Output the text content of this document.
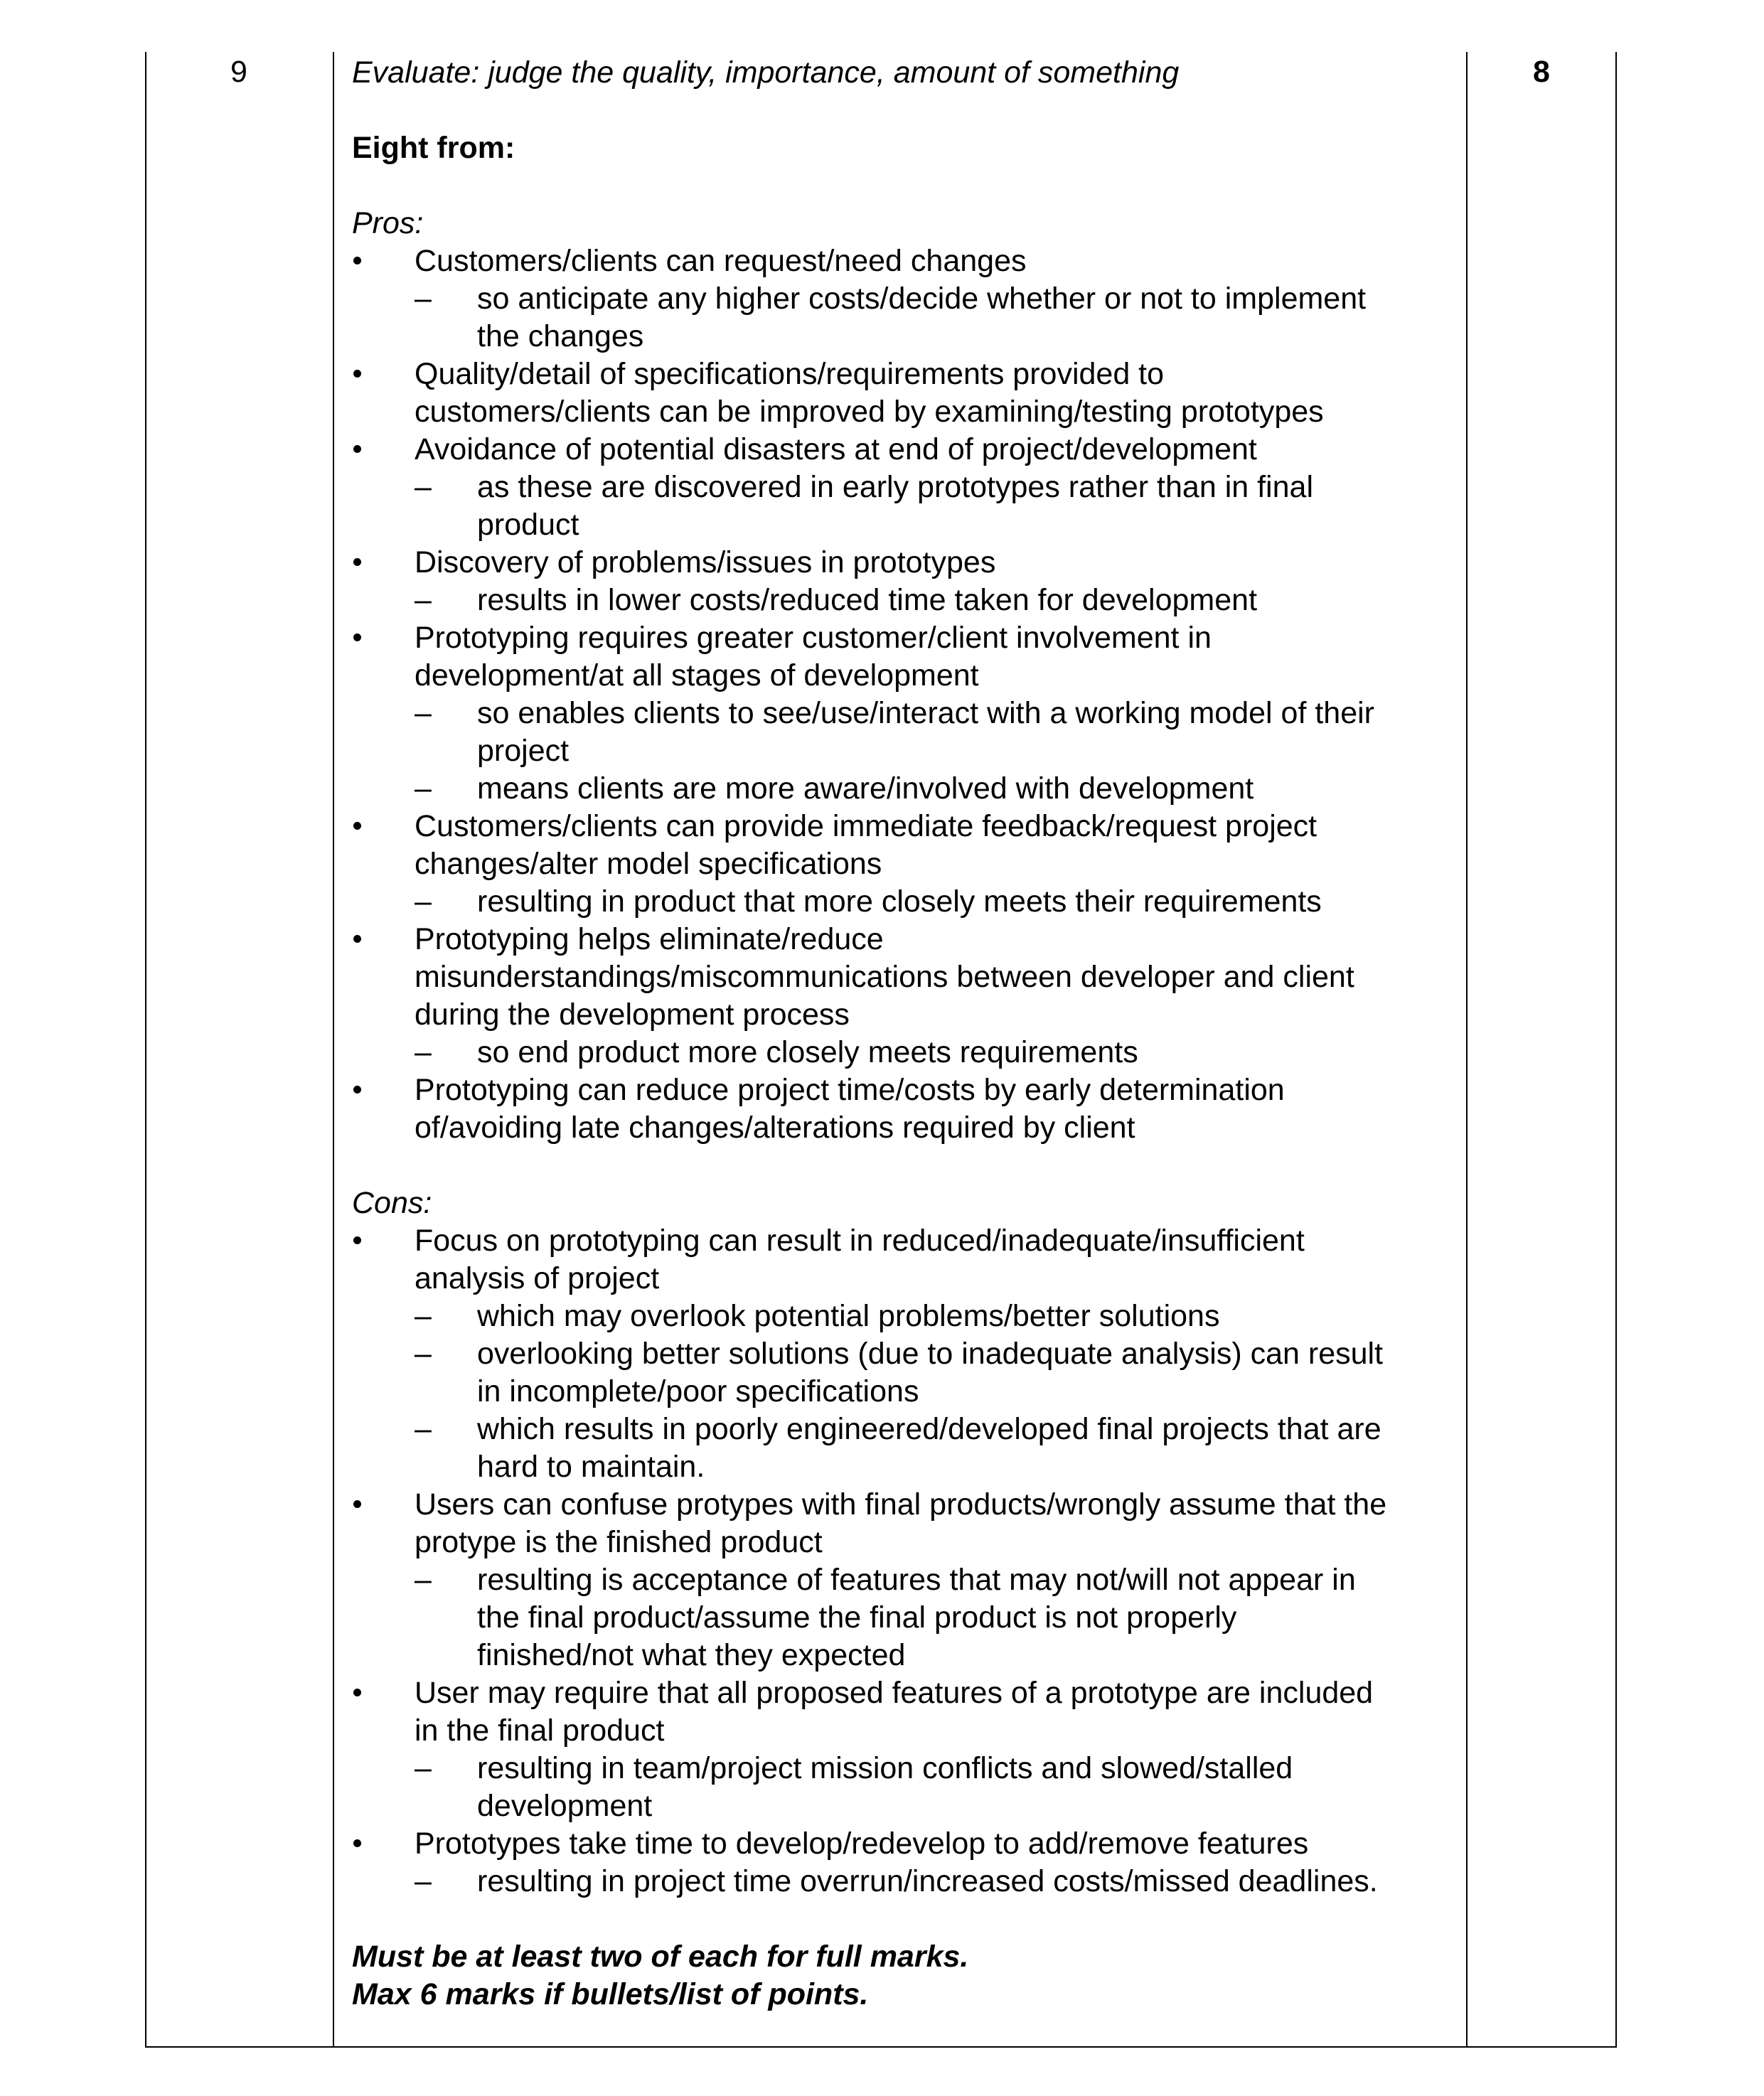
9	8

Evaluate: judge the quality, importance, amount of something

Eight from:

Pros:

Customers/clients can request/need changes
– so anticipate any higher costs/decide whether or not to implement
the changes
Quality/detail of specifications/requirements provided to
customers/clients can be improved by examining/testing prototypes
Avoidance of potential disasters at end of project/development
– as these are discovered in early prototypes rather than in final
product
Discovery of problems/issues in prototypes
– results in lower costs/reduced time taken for development
Prototyping requires greater customer/client involvement in
development/at all stages of development
– so enables clients to see/use/interact with a working model of their
project
– means clients are more aware/involved with development
Customers/clients can provide immediate feedback/request project
changes/alter model specifications
– resulting in product that more closely meets their requirements
Prototyping helps eliminate/reduce
misunderstandings/miscommunications between developer and client
during the development process
– so end product more closely meets requirements
Prototyping can reduce project time/costs by early determination
of/avoiding late changes/alterations required by client

Cons:

Focus on prototyping can result in reduced/inadequate/insufficient
analysis of project
– which may overlook potential problems/better solutions
– overlooking better solutions (due to inadequate analysis) can result
in incomplete/poor specifications
– which results in poorly engineered/developed final projects that are
hard to maintain.
Users can confuse protypes with final products/wrongly assume that the
protype is the finished product
– resulting is acceptance of features that may not/will not appear in
the final product/assume the final product is not properly
finished/not what they expected
User may require that all proposed features of a prototype are included
in the final product
– resulting in team/project mission conflicts and slowed/stalled
development
Prototypes take time to develop/redevelop to add/remove features
– resulting in project time overrun/increased costs/missed deadlines.

Must be at least two of each for full marks.

Max 6 marks if bullets/list of points.
